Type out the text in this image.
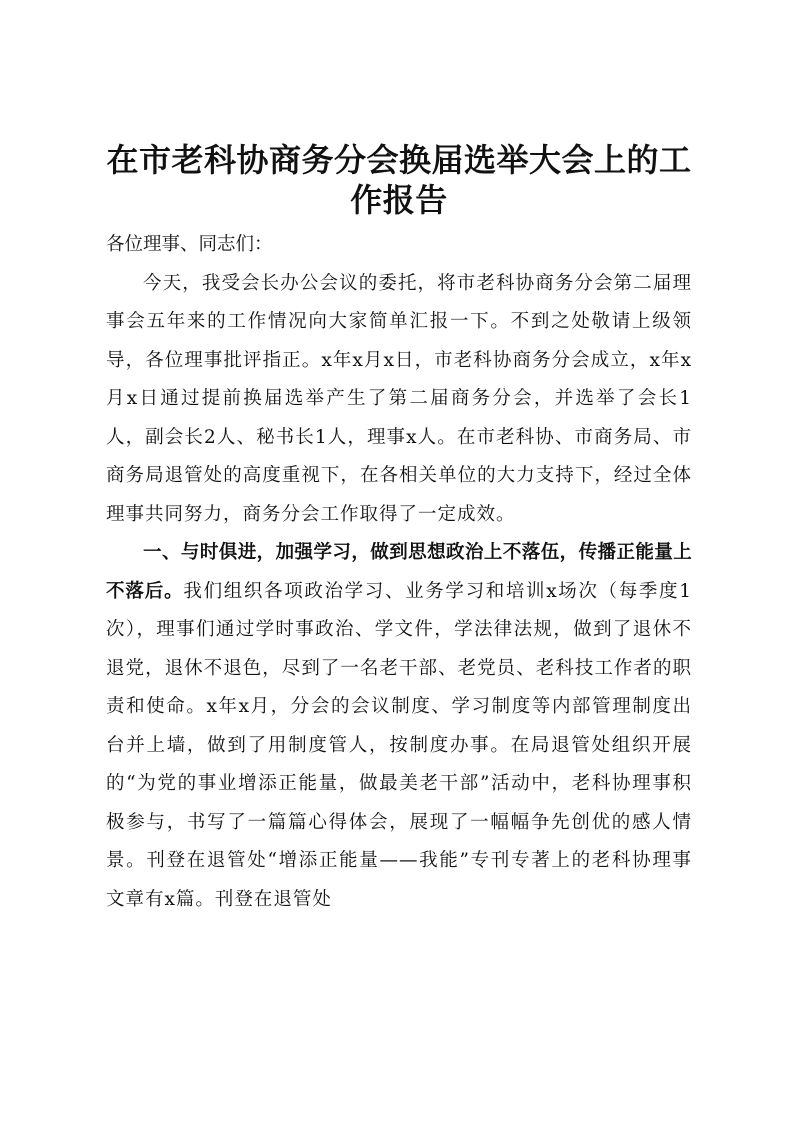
在市老科协商务分会换届选举大会上的工作报告

各位理事、同志们：

今天，我受会长办公会议的委托，将市老科协商务分会第二届理事会五年来的工作情况向大家简单汇报一下。不到之处敬请上级领导，各位理事批评指正。x年x月x日，市老科协商务分会成立，x年x月x日通过提前换届选举产生了第二届商务分会，并选举了会长1人，副会长2人、秘书长1人，理事x人。在市老科协、市商务局、市商务局退管处的高度重视下，在各相关单位的大力支持下，经过全体理事共同努力，商务分会工作取得了一定成效。

一、与时俱进，加强学习，做到思想政治上不落伍，传播正能量上不落后。我们组织各项政治学习、业务学习和培训x场次（每季度1次），理事们通过学时事政治、学文件，学法律法规，做到了退休不退党，退休不退色，尽到了一名老干部、老党员、老科技工作者的职责和使命。x年x月，分会的会议制度、学习制度等内部管理制度出台并上墙，做到了用制度管人，按制度办事。在局退管处组织开展的“为党的事业增添正能量，做最美老干部”活动中，老科协理事积极参与，书写了一篇篇心得体会，展现了一幅幅争先创优的感人情景。刊登在退管处“增添正能量——我能”专刊专著上的老科协理事文章有x篇。刊登在退管处
